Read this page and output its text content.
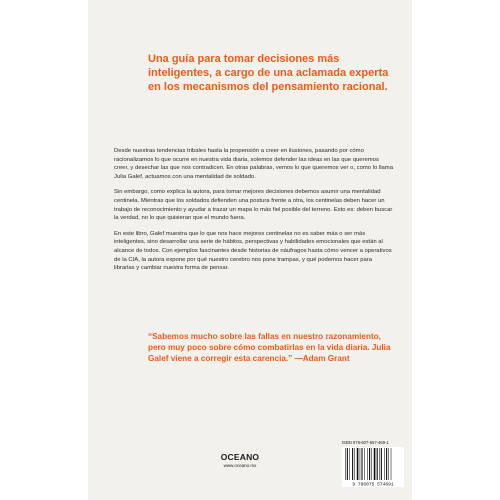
Una guía para tomar decisiones más inteligentes, a cargo de una aclamada experta en los mecanismos del pensamiento racional.

Desde nuestras tendencias tribales hasta la propensión a creer en ilusiones, pasando por cómo racionalizamos lo que ocurre en nuestra vida diaria, solemos defender las ideas en las que queremos creer, y desechar las que nos contradicen. En otras palabras, vemos lo que queremos ver o, como lo llama Julia Galef, actuamos con una mentalidad de soldado.

Sin embargo, como explica la autora, para tomar mejores decisiones debemos asumir una mentalidad centinela. Mientras que los soldados defienden una postura frente a otra, los centinelas deben hacer un trabajo de reconocimiento y ayudar a trazar un mapa lo más fiel posible del terreno. Esto es: deben buscar la verdad, no lo que quisieran que el mundo fuera.

En este libro, Galef muestra que lo que nos hace mejores centinelas no es saber más o ser más inteligentes, sino desarrollar una serie de hábitos, perspectivas y habilidades emocionales que están al alcance de todos. Con ejemplos fascinantes desde historias de náufragos hasta cómo vencer a operativos de la CIA, la autora expone por qué nuestro cerebro nos pone trampas, y qué podemos hacer para librarlas y cambiar nuestra forma de pensar.

“Sabemos mucho sobre las fallas en nuestro razonamiento, pero muy poco sobre cómo combatirlas en la vida diaria. Julia Galef viene a corregir esta carencia.” —Adam Grant

OCEANO
www.oceano.mx
ISBN 978-607-557-469-1
9 786075 574691
